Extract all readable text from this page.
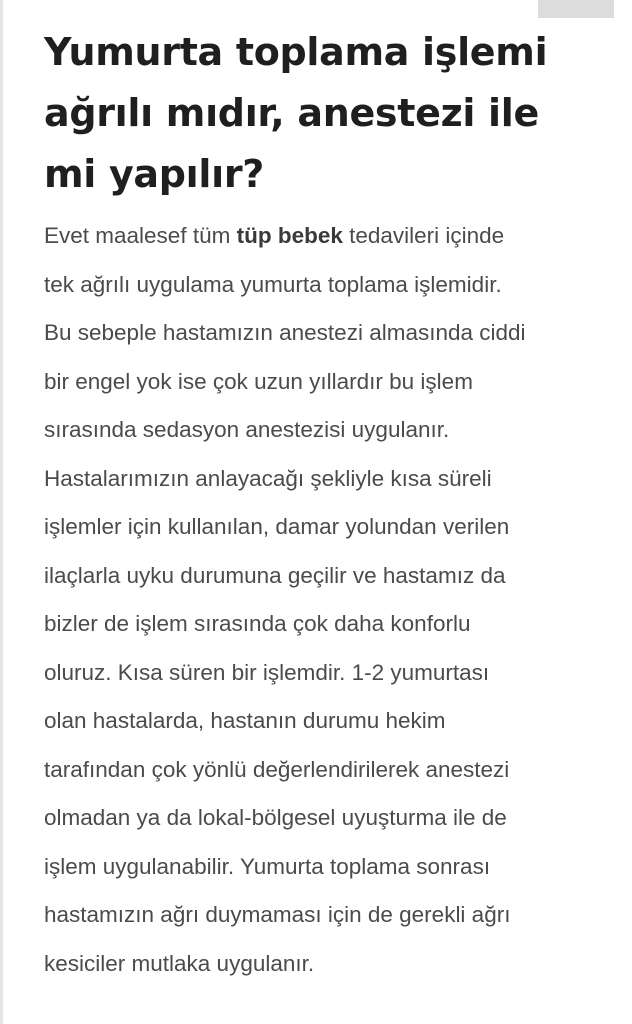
Yumurta toplama işlemi
ağrılı mıdır, anestezi ile
mi yapılır?
Evet maalesef tüm tüp bebek tedavileri içinde
tek ağrılı uygulama yumurta toplama işlemidir.
Bu sebeple hastamızın anestezi almasında ciddi
bir engel yok ise çok uzun yıllardır bu işlem
sırasında sedasyon anestezisi uygulanır.
Hastalarımızın anlayacağı şekliyle kısa süreli
işlemler için kullanılan, damar yolundan verilen
ilaçlarla uyku durumuna geçilir ve hastamız da
bizler de işlem sırasında çok daha konforlu
oluruz. Kısa süren bir işlemdir. 1-2 yumurtası
olan hastalarda, hastanın durumu hekim
tarafından çok yönlü değerlendirilerek anestezi
olmadan ya da lokal-bölgesel uyuşturma ile de
işlem uygulanabilir. Yumurta toplama sonrası
hastamızın ağrı duymaması için de gerekli ağrı
kesiciler mutlaka uygulanır.
